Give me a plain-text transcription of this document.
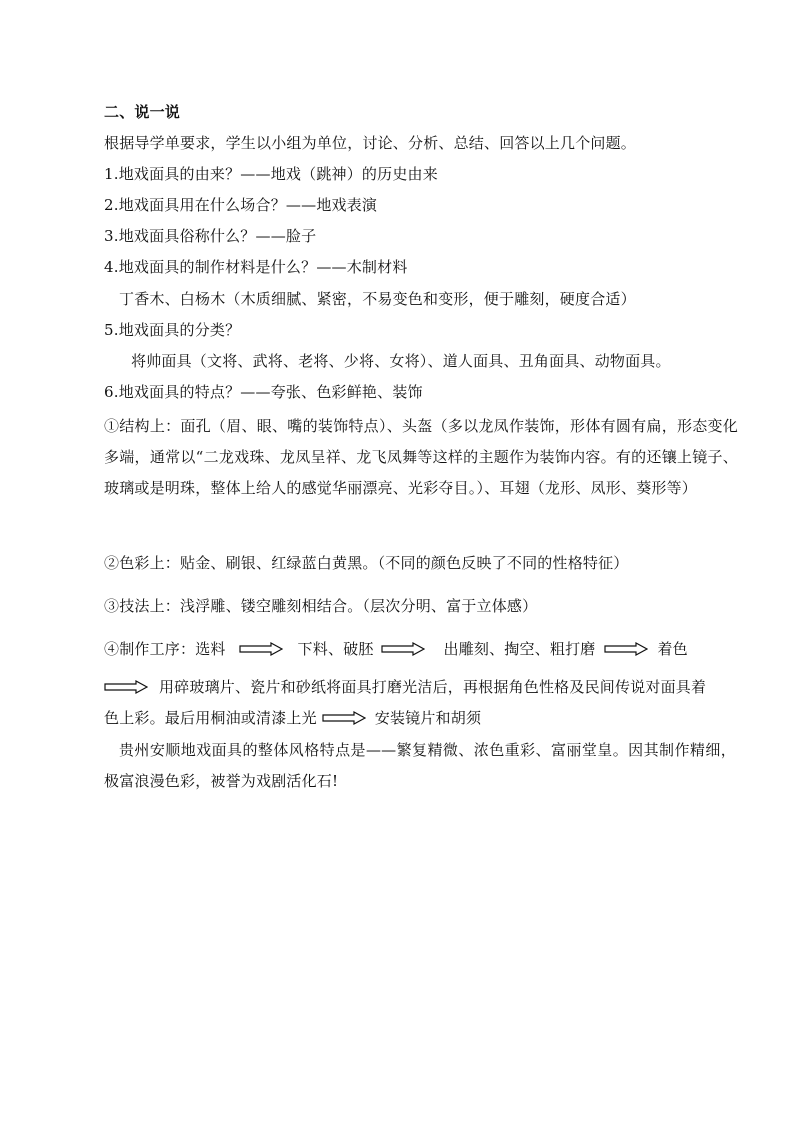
二、说一说
根据导学单要求，学生以小组为单位，讨论、分析、总结、回答以上几个问题。
1.地戏面具的由来？——地戏（跳神）的历史由来
2.地戏面具用在什么场合？——地戏表演
3.地戏面具俗称什么？——脸子
4.地戏面具的制作材料是什么？——木制材料
丁香木、白杨木（木质细腻、紧密，不易变色和变形，便于雕刻，硬度合适）
5.地戏面具的分类？
将帅面具（文将、武将、老将、少将、女将）、道人面具、丑角面具、动物面具。
6.地戏面具的特点？——夸张、色彩鲜艳、装饰
①结构上：面孔（眉、眼、嘴的装饰特点）、头盔（多以龙凤作装饰，形体有圆有扁，形态变化多端，通常以“二龙戏珠、龙凤呈祥、龙飞凤舞等这样的主题作为装饰内容。有的还镶上镜子、玻璃或是明珠，整体上给人的感觉华丽漂亮、光彩夺目。）、耳翅（龙形、凤形、葵形等）
②色彩上：贴金、刷银、红绿蓝白黄黑。（不同的颜色反映了不同的性格特征）
③技法上：浅浮雕、镂空雕刻相结合。（层次分明、富于立体感）
④制作工序：选料	下料、破胚	出雕刻、掏空、粗打磨	着色
用碎玻璃片、瓷片和砂纸将面具打磨光洁后，再根据角色性格及民间传说对面具着
色上彩。最后用桐油或清漆上光	安装镜片和胡须
贵州安顺地戏面具的整体风格特点是——繁复精微、浓色重彩、富丽堂皇。因其制作精细，极富浪漫色彩，被誉为戏剧活化石!
